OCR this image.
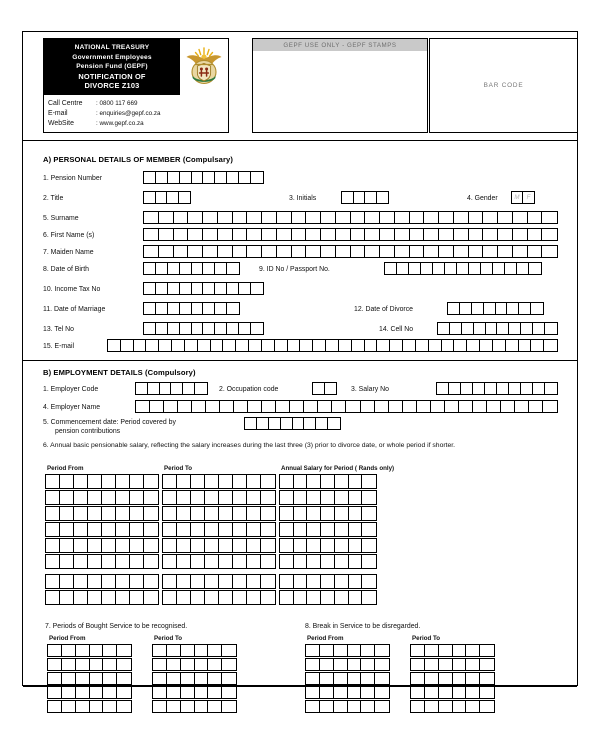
NATIONAL TREASURY
Government Employees
Pension Fund (GEPF)
NOTIFICATION OF
DIVORCE Z103
Call Centre : 0800 117 669
E-mail	: enquiries@gepf.co.za
WebSite	: www.gepf.co.za
GEPF USE ONLY - GEPF STAMPS
BAR CODE
A) PERSONAL DETAILS OF MEMBER (Compulsary)
1. Pension Number
2. Title	3. Initials	4. Gender	M	F
5. Surname
6. First Name (s)
7. Maiden Name
8. Date of Birth	9. ID No / Passport No.
10. Income Tax No
11. Date of Marriage	12. Date of Divorce
13. Tel No	14. Cell No
15. E-mail
B) EMPLOYMENT DETAILS (Compulsory)
1. Employer Code	2. Occupation code	3. Salary No
4. Employer Name
5. Commencement date: Period covered by
pension contributions
6. Annual basic pensionable salary, reflecting the salary increases during the last three (3) prior to divorce date, or whole period if shorter.
Period From	Period To	Annual Salary for Period ( Rands only)
7. Periods of Bought Service to be recognised.	8. Break in Service to be disregarded.
Period From	Period To	Period From	Period To
